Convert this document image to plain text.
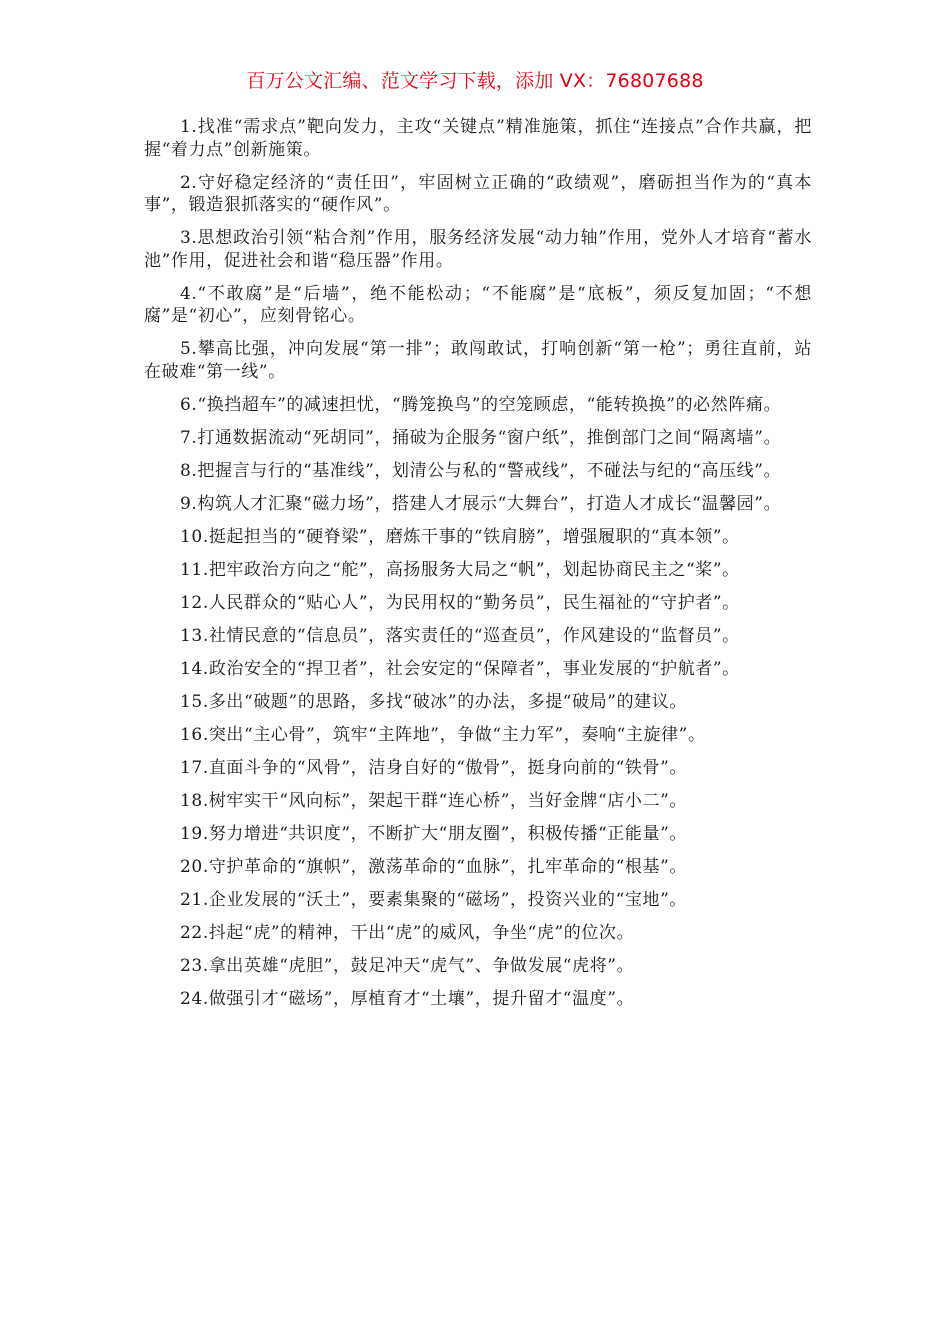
百万公文汇编、范文学习下载，添加 VX：76807688

1.找准“需求点”靶向发力，主攻“关键点”精准施策，抓住“连接点”合作共赢，把握“着力点”创新施策。

2.守好稳定经济的“责任田”，牢固树立正确的“政绩观”，磨砺担当作为的“真本事”，锻造狠抓落实的“硬作风”。

3.思想政治引领“粘合剂”作用，服务经济发展“动力轴”作用，党外人才培育“蓄水池”作用，促进社会和谐“稳压器”作用。

4.“不敢腐”是“后墙”，绝不能松动；“不能腐”是“底板”，须反复加固；“不想腐”是“初心”，应刻骨铭心。

5.攀高比强，冲向发展“第一排”；敢闯敢试，打响创新“第一枪”；勇往直前，站在破难“第一线”。

6.“换挡超车”的减速担忧，“腾笼换鸟”的空笼顾虑，“能转换换”的必然阵痛。

7.打通数据流动“死胡同”，捅破为企服务“窗户纸”，推倒部门之间“隔离墙”。

8.把握言与行的“基准线”，划清公与私的“警戒线”，不碰法与纪的“高压线”。

9.构筑人才汇聚“磁力场”，搭建人才展示“大舞台”，打造人才成长“温馨园”。

10.挺起担当的“硬脊梁”，磨炼干事的“铁肩膀”，增强履职的“真本领”。

11.把牢政治方向之“舵”，高扬服务大局之“帆”，划起协商民主之“桨”。

12.人民群众的“贴心人”，为民用权的“勤务员”，民生福祉的“守护者”。

13.社情民意的“信息员”，落实责任的“巡查员”，作风建设的“监督员”。

14.政治安全的“捍卫者”，社会安定的“保障者”，事业发展的“护航者”。

15.多出“破题”的思路，多找“破冰”的办法，多提“破局”的建议。

16.突出“主心骨”，筑牢“主阵地”，争做“主力军”，奏响“主旋律”。

17.直面斗争的“风骨”，洁身自好的“傲骨”，挺身向前的“铁骨”。

18.树牢实干“风向标”，架起干群“连心桥”，当好金牌“店小二”。

19.努力增进“共识度”，不断扩大“朋友圈”，积极传播“正能量”。

20.守护革命的“旗帜”，激荡革命的“血脉”，扎牢革命的“根基”。

21.企业发展的“沃土”，要素集聚的“磁场”，投资兴业的“宝地”。

22.抖起“虎”的精神，干出“虎”的威风，争坐“虎”的位次。

23.拿出英雄“虎胆”，鼓足冲天“虎气”、争做发展“虎将”。

24.做强引才“磁场”，厚植育才“土壤”，提升留才“温度”。
